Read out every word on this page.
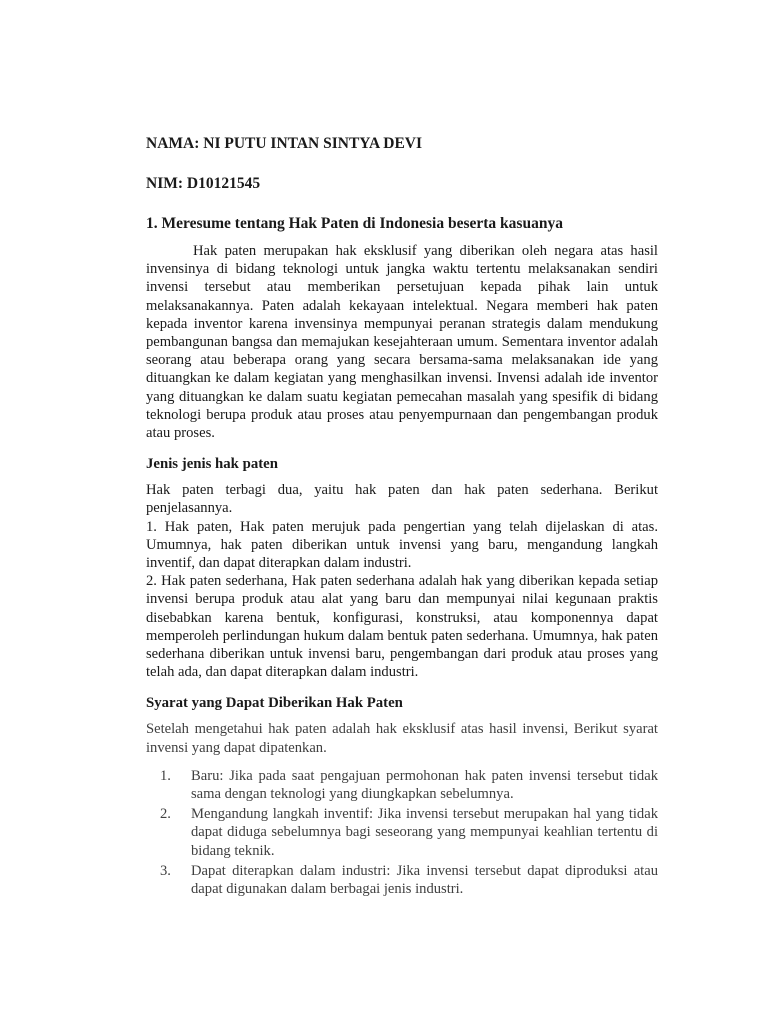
NAMA: NI PUTU INTAN SINTYA DEVI

NIM: D10121545

1. Meresume tentang Hak Paten di Indonesia beserta kasuanya

Hak paten merupakan hak eksklusif yang diberikan oleh negara atas hasil invensinya di bidang teknologi untuk jangka waktu tertentu melaksanakan sendiri invensi tersebut atau memberikan persetujuan kepada pihak lain untuk melaksanakannya. Paten adalah kekayaan intelektual. Negara memberi hak paten kepada inventor karena invensinya mempunyai peranan strategis dalam mendukung pembangunan bangsa dan memajukan kesejahteraan umum. Sementara inventor adalah seorang atau beberapa orang yang secara bersama-sama melaksanakan ide yang dituangkan ke dalam kegiatan yang menghasilkan invensi. Invensi adalah ide inventor yang dituangkan ke dalam suatu kegiatan pemecahan masalah yang spesifik di bidang teknologi berupa produk atau proses atau penyempurnaan dan pengembangan produk atau proses.

Jenis jenis hak paten

Hak paten terbagi dua, yaitu hak paten dan hak paten sederhana. Berikut penjelasannya.

1. Hak paten, Hak paten merujuk pada pengertian yang telah dijelaskan di atas. Umumnya, hak paten diberikan untuk invensi yang baru, mengandung langkah inventif, dan dapat diterapkan dalam industri.

2. Hak paten sederhana, Hak paten sederhana adalah hak yang diberikan kepada setiap invensi berupa produk atau alat yang baru dan mempunyai nilai kegunaan praktis disebabkan karena bentuk, konfigurasi, konstruksi, atau komponennya dapat memperoleh perlindungan hukum dalam bentuk paten sederhana. Umumnya, hak paten sederhana diberikan untuk invensi baru, pengembangan dari produk atau proses yang telah ada, dan dapat diterapkan dalam industri.

Syarat yang Dapat Diberikan Hak Paten

Setelah mengetahui hak paten adalah hak eksklusif atas hasil invensi, Berikut syarat invensi yang dapat dipatenkan.

1. Baru: Jika pada saat pengajuan permohonan hak paten invensi tersebut tidak sama dengan teknologi yang diungkapkan sebelumnya.
2. Mengandung langkah inventif: Jika invensi tersebut merupakan hal yang tidak dapat diduga sebelumnya bagi seseorang yang mempunyai keahlian tertentu di bidang teknik.
3. Dapat diterapkan dalam industri: Jika invensi tersebut dapat diproduksi atau dapat digunakan dalam berbagai jenis industri.
